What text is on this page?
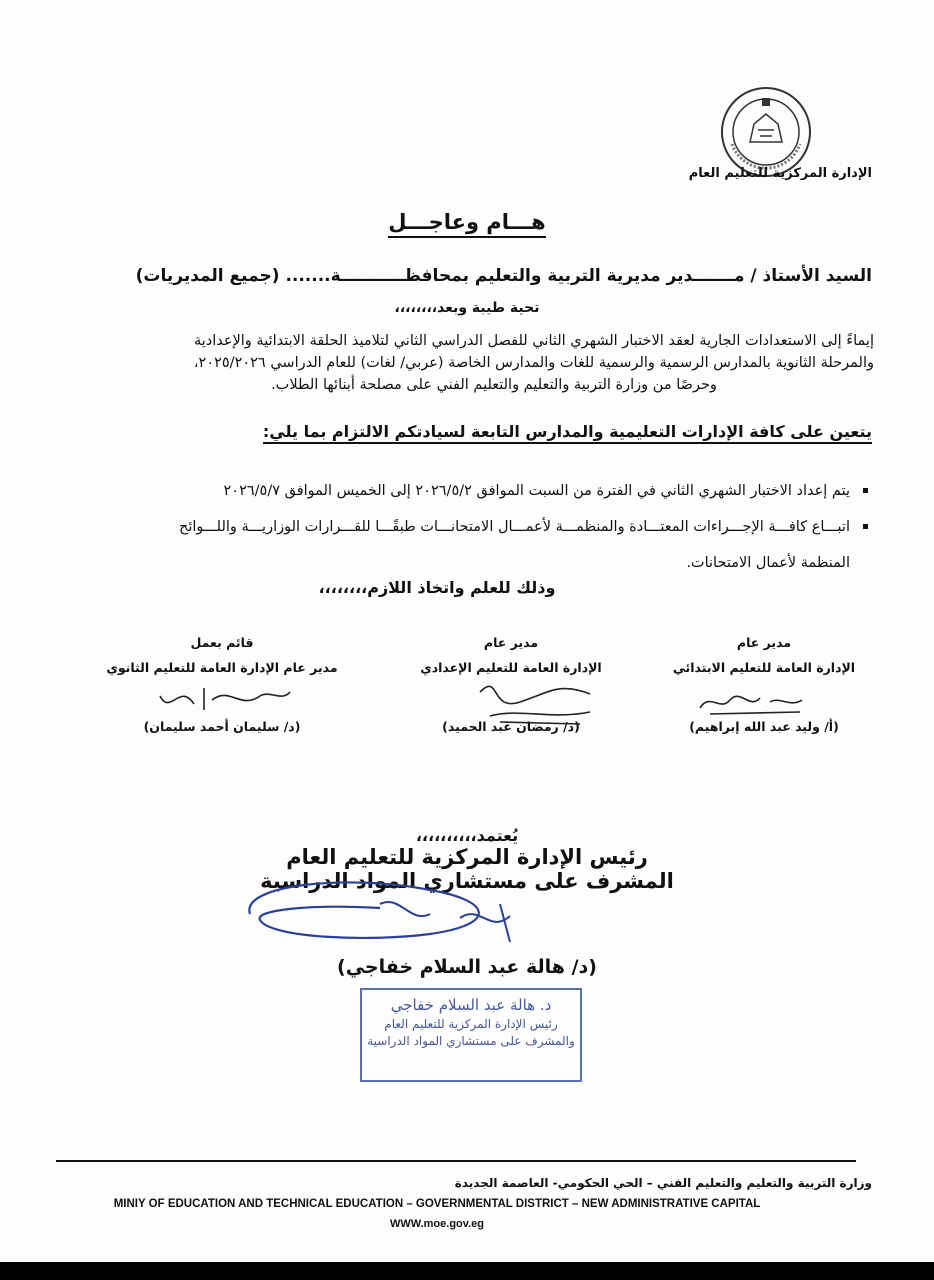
الإدارة المركزية للتعليم العام
هـــام وعاجـــل
السيد الأستاذ / مـــــــدير مديرية التربية والتعليم بمحافظـــــــــــة....... (جميع المديريات)
تحية طيبة وبعد،،،،،،،،

إيماءً إلى الاستعدادات الجارية لعقد الاختبار الشهري الثاني للفصل الدراسي الثاني لتلاميذ الحلقة الابتدائية والإعدادية

والمرحلة الثانوية بالمدارس الرسمية والرسمية للغات والمدارس الخاصة (عربي/ لغات) للعام الدراسي ٢٠٢٥/٢٠٢٦،

وحرصًا من وزارة التربية والتعليم والتعليم الفني على مصلحة أبنائها الطلاب.

يتعين على كافة الإدارات التعليمية والمدارس التابعة لسيادتكم الالتزام بما يلي:
يتم إعداد الاختبار الشهري الثاني في الفترة من السبت الموافق ٢٠٢٦/٥/٢ إلى الخميس الموافق ٢٠٢٦/٥/٧
اتبـــاع كافـــة الإجـــراءات المعتـــادة والمنظمـــة لأعمـــال الامتحانـــات طبقًـــا للقـــرارات الوزاريـــة واللـــوائح
المنظمة لأعمال الامتحانات.
وذلك للعلم واتخاذ اللازم،،،،،،،،
مدير عام
الإدارة العامة للتعليم الابتدائي
(أ/ وليد عبد الله إبراهيم)
مدير عام
الإدارة العامة للتعليم الإعدادي
(د/ رمضان عبد الحميد)
قائم بعمل
مدير عام الإدارة العامة للتعليم الثانوي
(د/ سليمان أحمد سليمان)
يُعتمد،،،،،،،،،،
رئيس الإدارة المركزية للتعليم العام
المشرف على مستشاري المواد الدراسية
(د/ هالة عبد السلام خفاجي)
د. هالة عبد السلام خفاجي
رئيس الإدارة المركزية للتعليم العام
والمشرف على مستشاري المواد الدراسية
وزارة التربية والتعليم والتعليم الفني – الحي الحكومي- العاصمة الجديدة
MINIY OF EDUCATION AND TECHNICAL EDUCATION – GOVERNMENTAL DISTRICT – NEW ADMINISTRATIVE CAPITAL
WWW.moe.gov.eg
